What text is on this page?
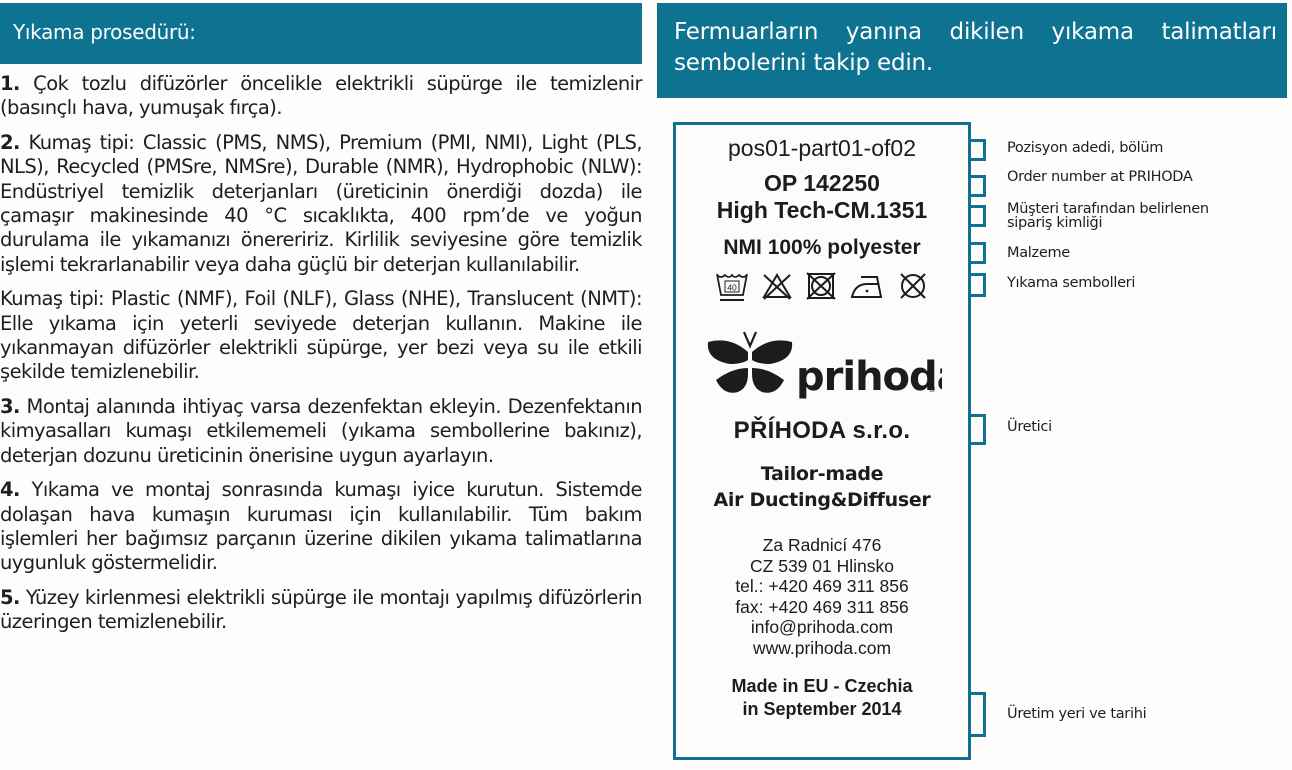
Yıkama prosedürü:

1. Çok tozlu difüzörler öncelikle elektrikli süpürge ile temizlenir (basınçlı hava, yumuşak fırça).

2. Kumaş tipi: Classic (PMS, NMS), Premium (PMI, NMI), Light (PLS, NLS), Recycled (PMSre, NMSre), Durable (NMR), Hydrophobic (NLW): Endüstriyel temizlik deterjanları (üreticinin önerdiği dozda) ile çamaşır makinesinde 40 °C sıcaklıkta, 400 rpm’de ve yoğun durulama ile yıkamanızı önereririz. Kirlilik seviyesine göre temizlik işlemi tekrarlanabilir veya daha güçlü bir deterjan kullanılabilir.

Kumaş tipi: Plastic (NMF), Foil (NLF), Glass (NHE), Translucent (NMT): Elle yıkama için yeterli seviyede deterjan kullanın. Makine ile yıkanmayan difüzörler elektrikli süpürge, yer bezi veya su ile etkili şekilde temizlenebilir.

3. Montaj alanında ihtiyaç varsa dezenfektan ekleyin. Dezenfektanın kimyasalları kumaşı etkilememeli (yıkama sembollerine bakınız), deterjan dozunu üreticinin önerisine uygun ayarlayın.

4. Yıkama ve montaj sonrasında kumaşı iyice kurutun. Sistemde dolaşan hava kumaşın kuruması için kullanılabilir. Tüm bakım işlemleri her bağımsız parçanın üzerine dikilen yıkama talimatlarına uygunluk göstermelidir.

5. Yüzey kirlenmesi elektrikli süpürge ile montajı yapılmış difüzörlerin üzeringen temizlenebilir.

Fermuarların yanına dikilen yıkama talimatları sembolerini takip edin.
pos01-part01-of02
OP 142250
High Tech-CM.1351
NMI 100% polyester
40
prihod
®
PŘÍHODA s.r.o.
Tailor-made
Air Ducting&Diffuser
Za Radnicí 476
CZ 539 01 Hlinsko
tel.: +420 469 311 856
fax: +420 469 311 856
info@prihoda.com
www.prihoda.com
Made in EU - Czechia
in September 2014
Pozisyon adedi, bölüm
Order number at PRIHODA
Müşteri tarafından belirlenen sipariş kimliği
Malzeme
Yıkama sembolleri
Üretici
Üretim yeri ve tarihi
